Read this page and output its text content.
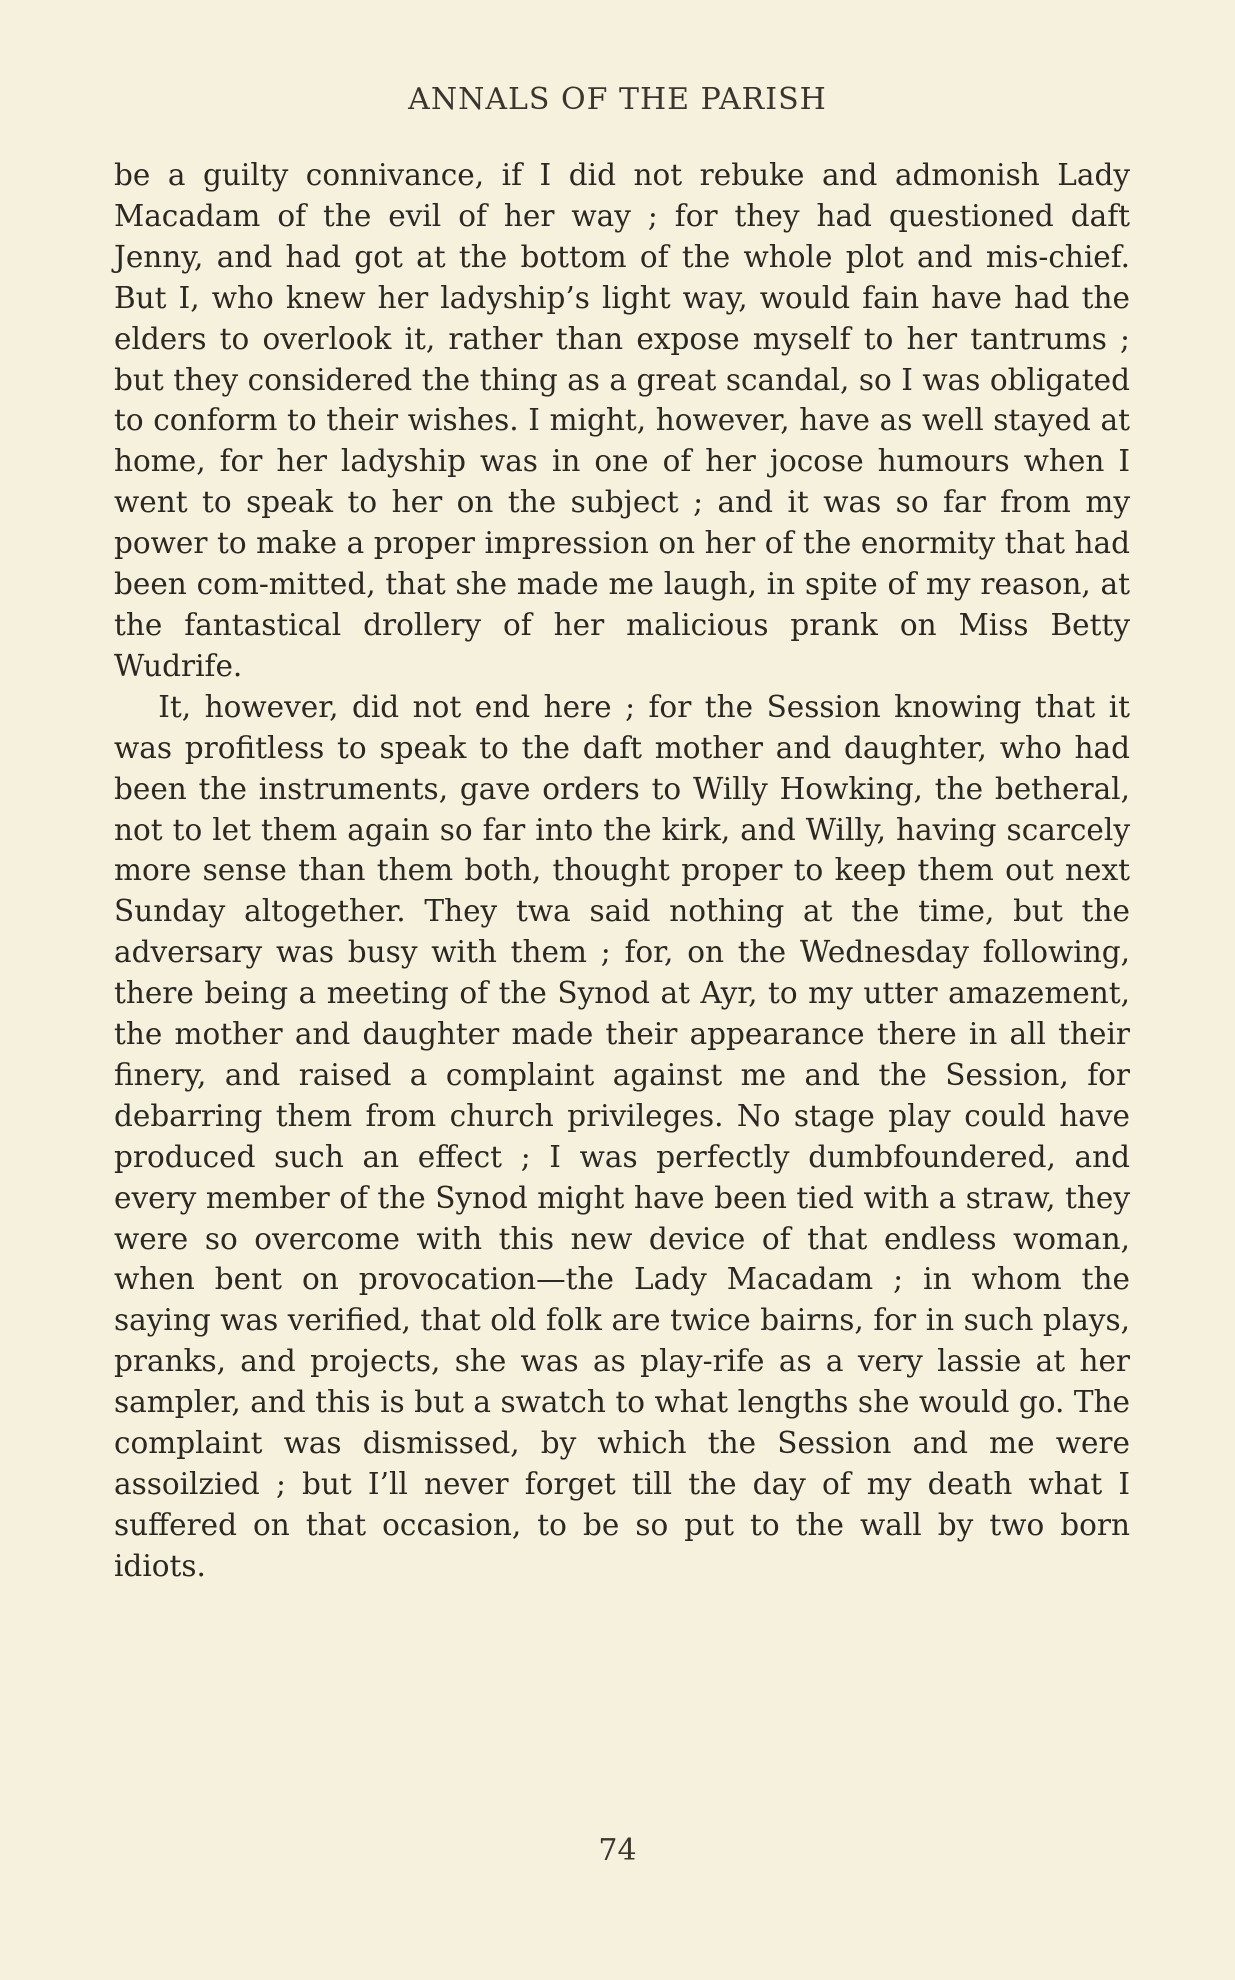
ANNALS OF THE PARISH

be a guilty connivance, if I did not rebuke and admonish Lady Macadam of the evil of her way ; for they had questioned daft Jenny, and had got at the bottom of the whole plot and mis-chief. But I, who knew her ladyship’s light way, would fain have had the elders to overlook it, rather than expose myself to her tantrums ; but they considered the thing as a great scandal, so I was obligated to conform to their wishes. I might, however, have as well stayed at home, for her ladyship was in one of her jocose humours when I went to speak to her on the subject ; and it was so far from my power to make a proper impression on her of the enormity that had been com-mitted, that she made me laugh, in spite of my reason, at the fantastical drollery of her malicious prank on Miss Betty Wudrife.

It, however, did not end here ; for the Session knowing that it was profitless to speak to the daft mother and daughter, who had been the instruments, gave orders to Willy Howking, the betheral, not to let them again so far into the kirk, and Willy, having scarcely more sense than them both, thought proper to keep them out next Sunday altogether. They twa said nothing at the time, but the adversary was busy with them ; for, on the Wednesday following, there being a meeting of the Synod at Ayr, to my utter amazement, the mother and daughter made their appearance there in all their finery, and raised a complaint against me and the Session, for debarring them from church privileges. No stage play could have produced such an effect ; I was perfectly dumbfoundered, and every member of the Synod might have been tied with a straw, they were so overcome with this new device of that endless woman, when bent on provocation—the Lady Macadam ; in whom the saying was verified, that old folk are twice bairns, for in such plays, pranks, and projects, she was as play-rife as a very lassie at her sampler, and this is but a swatch to what lengths she would go. The complaint was dismissed, by which the Session and me were assoilzied ; but I’ll never forget till the day of my death what I suffered on that occasion, to be so put to the wall by two born idiots.

74
